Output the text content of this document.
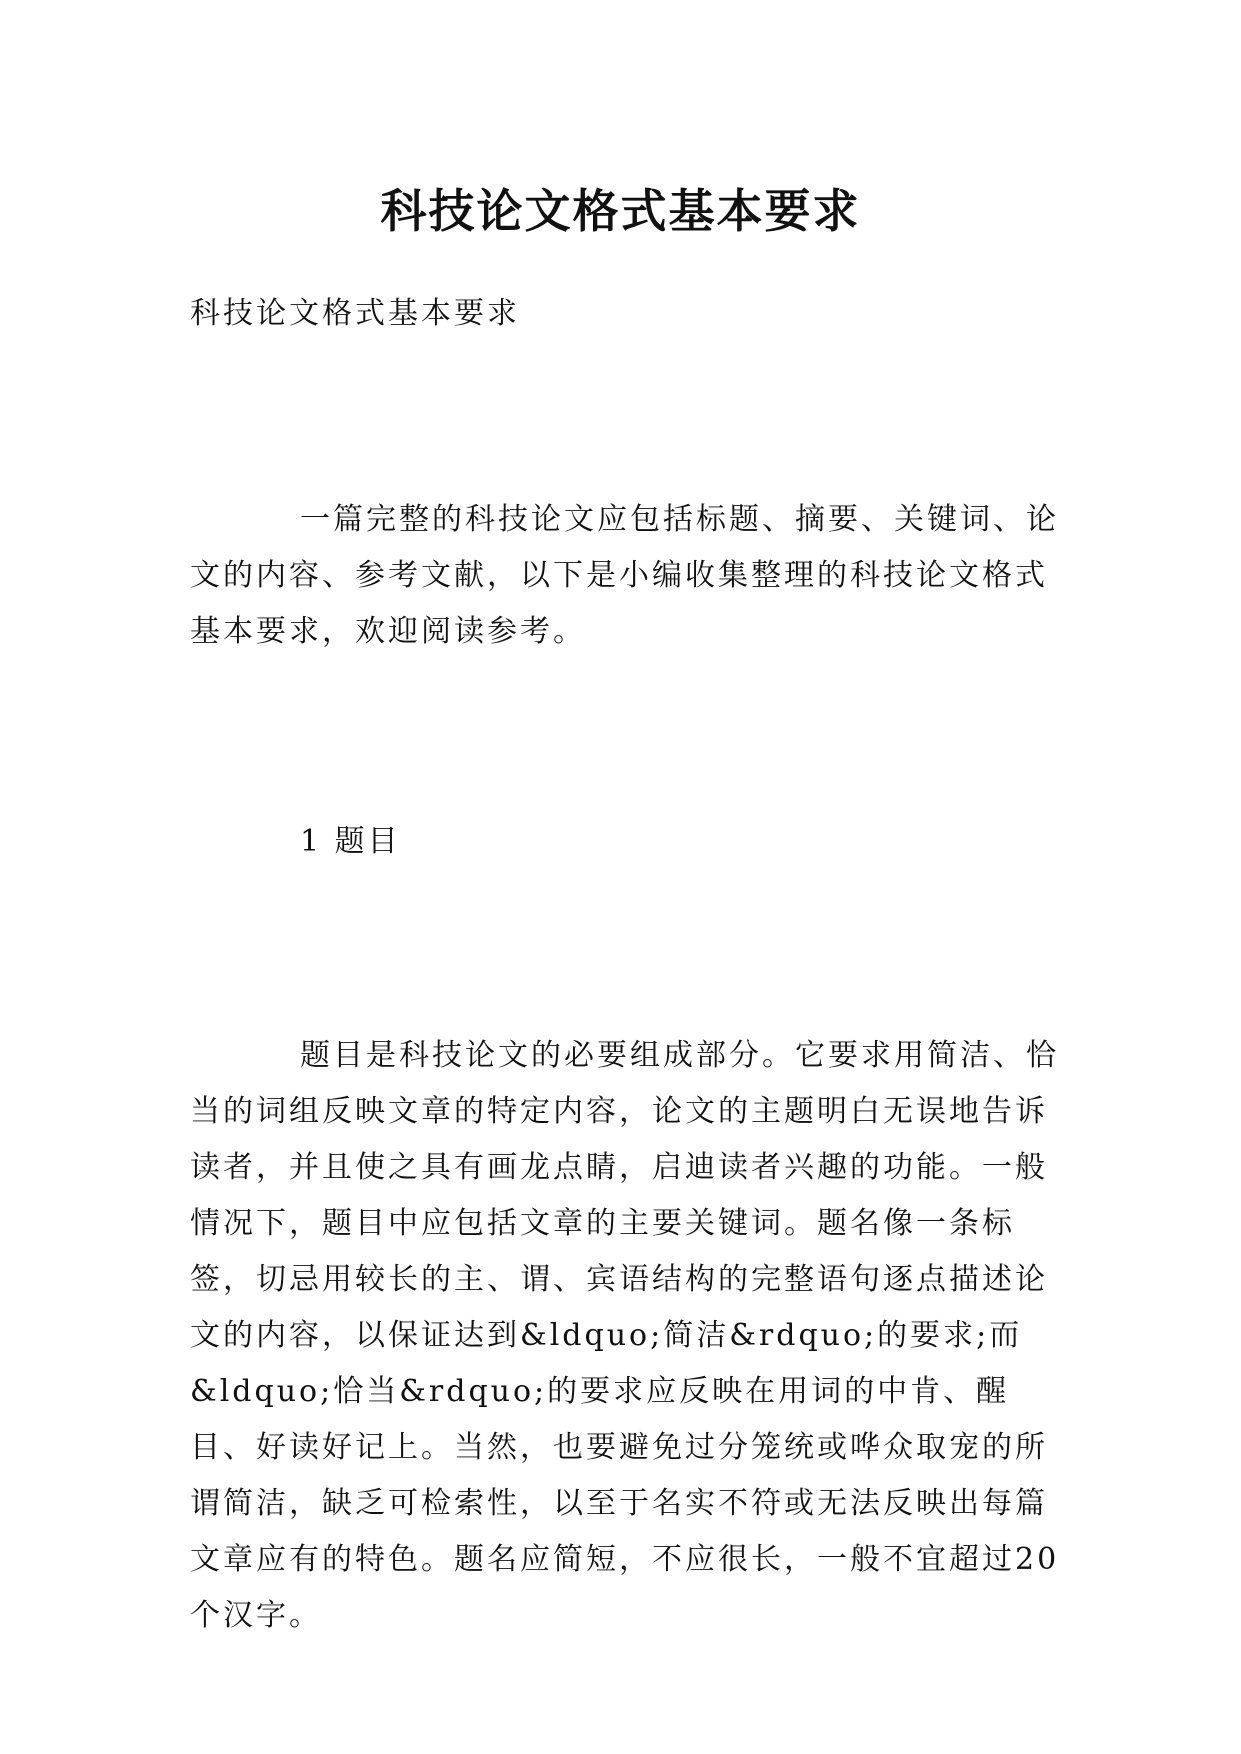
科技论文格式基本要求

科技论文格式基本要求

一篇完整的科技论文应包括标题、摘要、关键词、论文的内容、参考文献，以下是小编收集整理的科技论文格式基本要求，欢迎阅读参考。

1 题目

题目是科技论文的必要组成部分。它要求用简洁、恰当的词组反映文章的特定内容，论文的主题明白无误地告诉读者，并且使之具有画龙点睛，启迪读者兴趣的功能。一般情况下，题目中应包括文章的主要关键词。题名像一条标签，切忌用较长的主、谓、宾语结构的完整语句逐点描述论文的内容，以保证达到&ldquo;简洁&rdquo;的要求;而&ldquo;恰当&rdquo;的要求应反映在用词的中肯、醒目、好读好记上。当然，也要避免过分笼统或哗众取宠的所谓简洁，缺乏可检索性，以至于名实不符或无法反映出每篇文章应有的特色。题名应简短，不应很长，一般不宜超过20个汉字。
